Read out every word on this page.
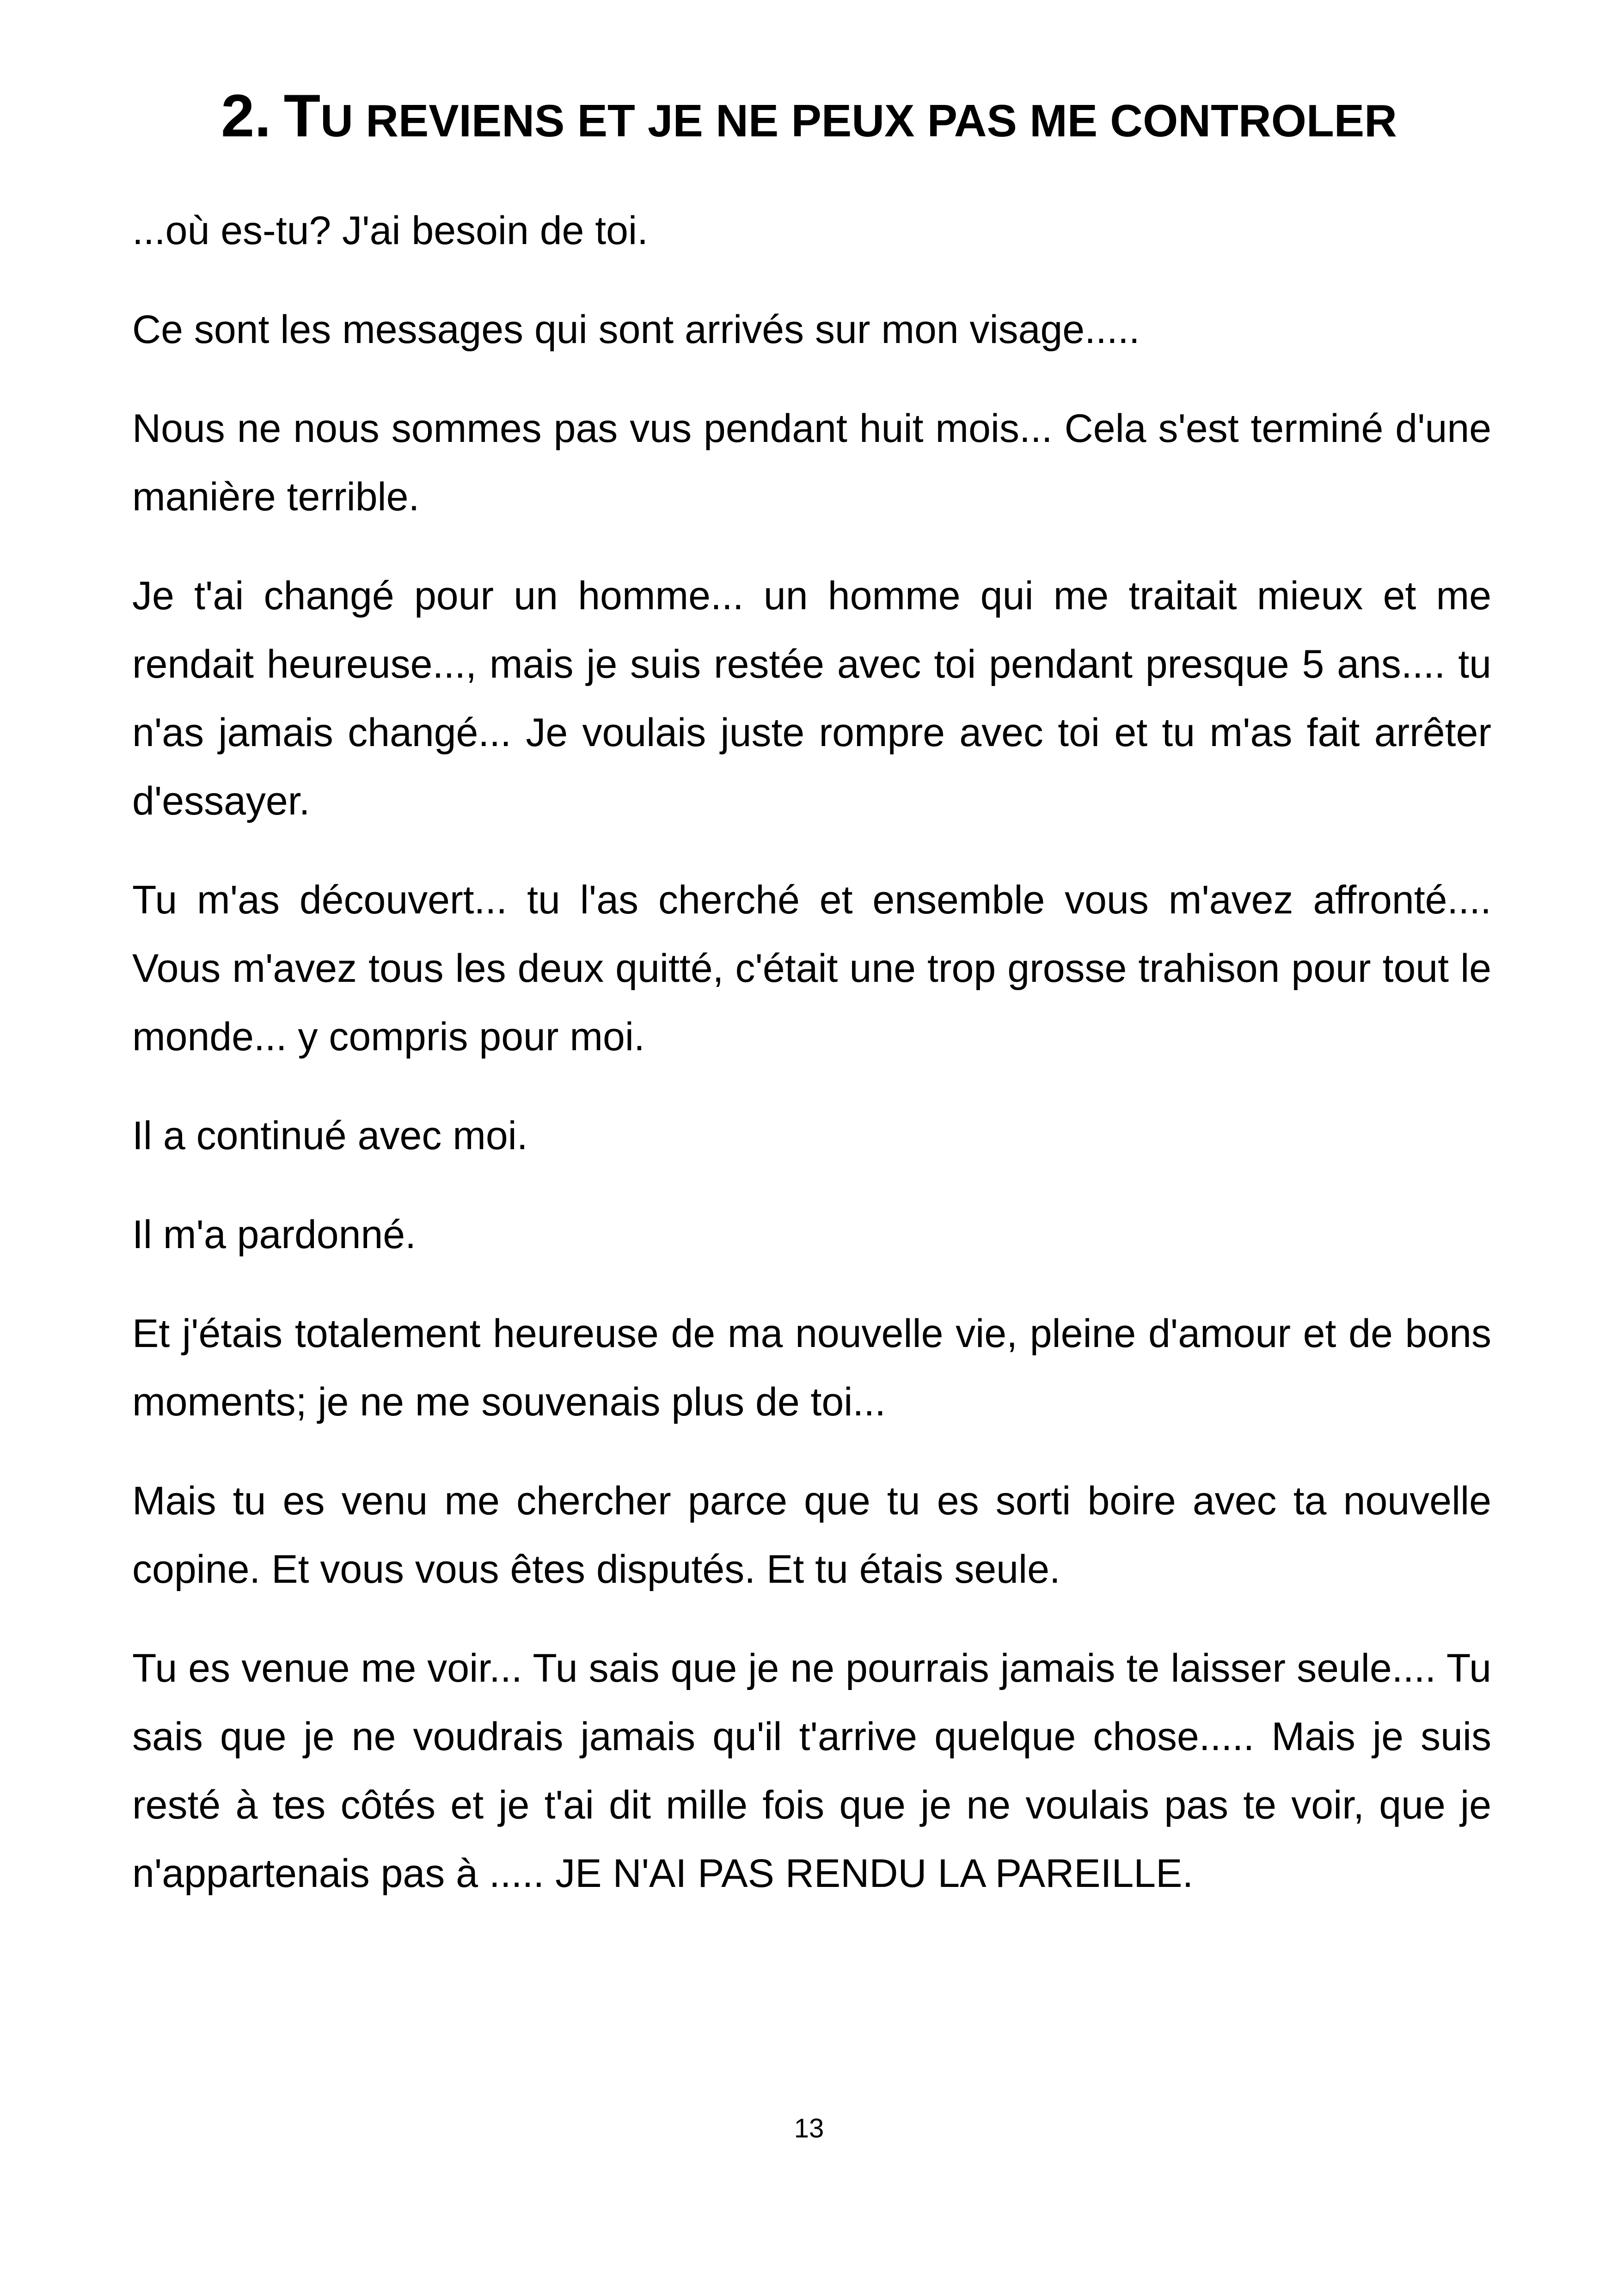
2. TU REVIENS ET JE NE PEUX PAS ME CONTROLER

...où es-tu? J'ai besoin de toi.

Ce sont les messages qui sont arrivés sur mon visage.....

Nous ne nous sommes pas vus pendant huit mois... Cela s'est terminé d'une manière terrible.

Je t'ai changé pour un homme... un homme qui me traitait mieux et me rendait heureuse..., mais je suis restée avec toi pendant presque 5 ans.... tu n'as jamais changé... Je voulais juste rompre avec toi et tu m'as fait arrêter d'essayer.

Tu m'as découvert... tu l'as cherché et ensemble vous m'avez affronté.... Vous m'avez tous les deux quitté, c'était une trop grosse trahison pour tout le monde... y compris pour moi.

Il a continué avec moi.

Il m'a pardonné.

Et j'étais totalement heureuse de ma nouvelle vie, pleine d'amour et de bons moments; je ne me souvenais plus de toi...

Mais tu es venu me chercher parce que tu es sorti boire avec ta nouvelle copine. Et vous vous êtes disputés. Et tu étais seule.

Tu es venue me voir... Tu sais que je ne pourrais jamais te laisser seule.... Tu sais que je ne voudrais jamais qu'il t'arrive quelque chose..... Mais je suis resté à tes côtés et je t'ai dit mille fois que je ne voulais pas te voir, que je n'appartenais pas à ..... JE N'AI PAS RENDU LA PAREILLE.

13
